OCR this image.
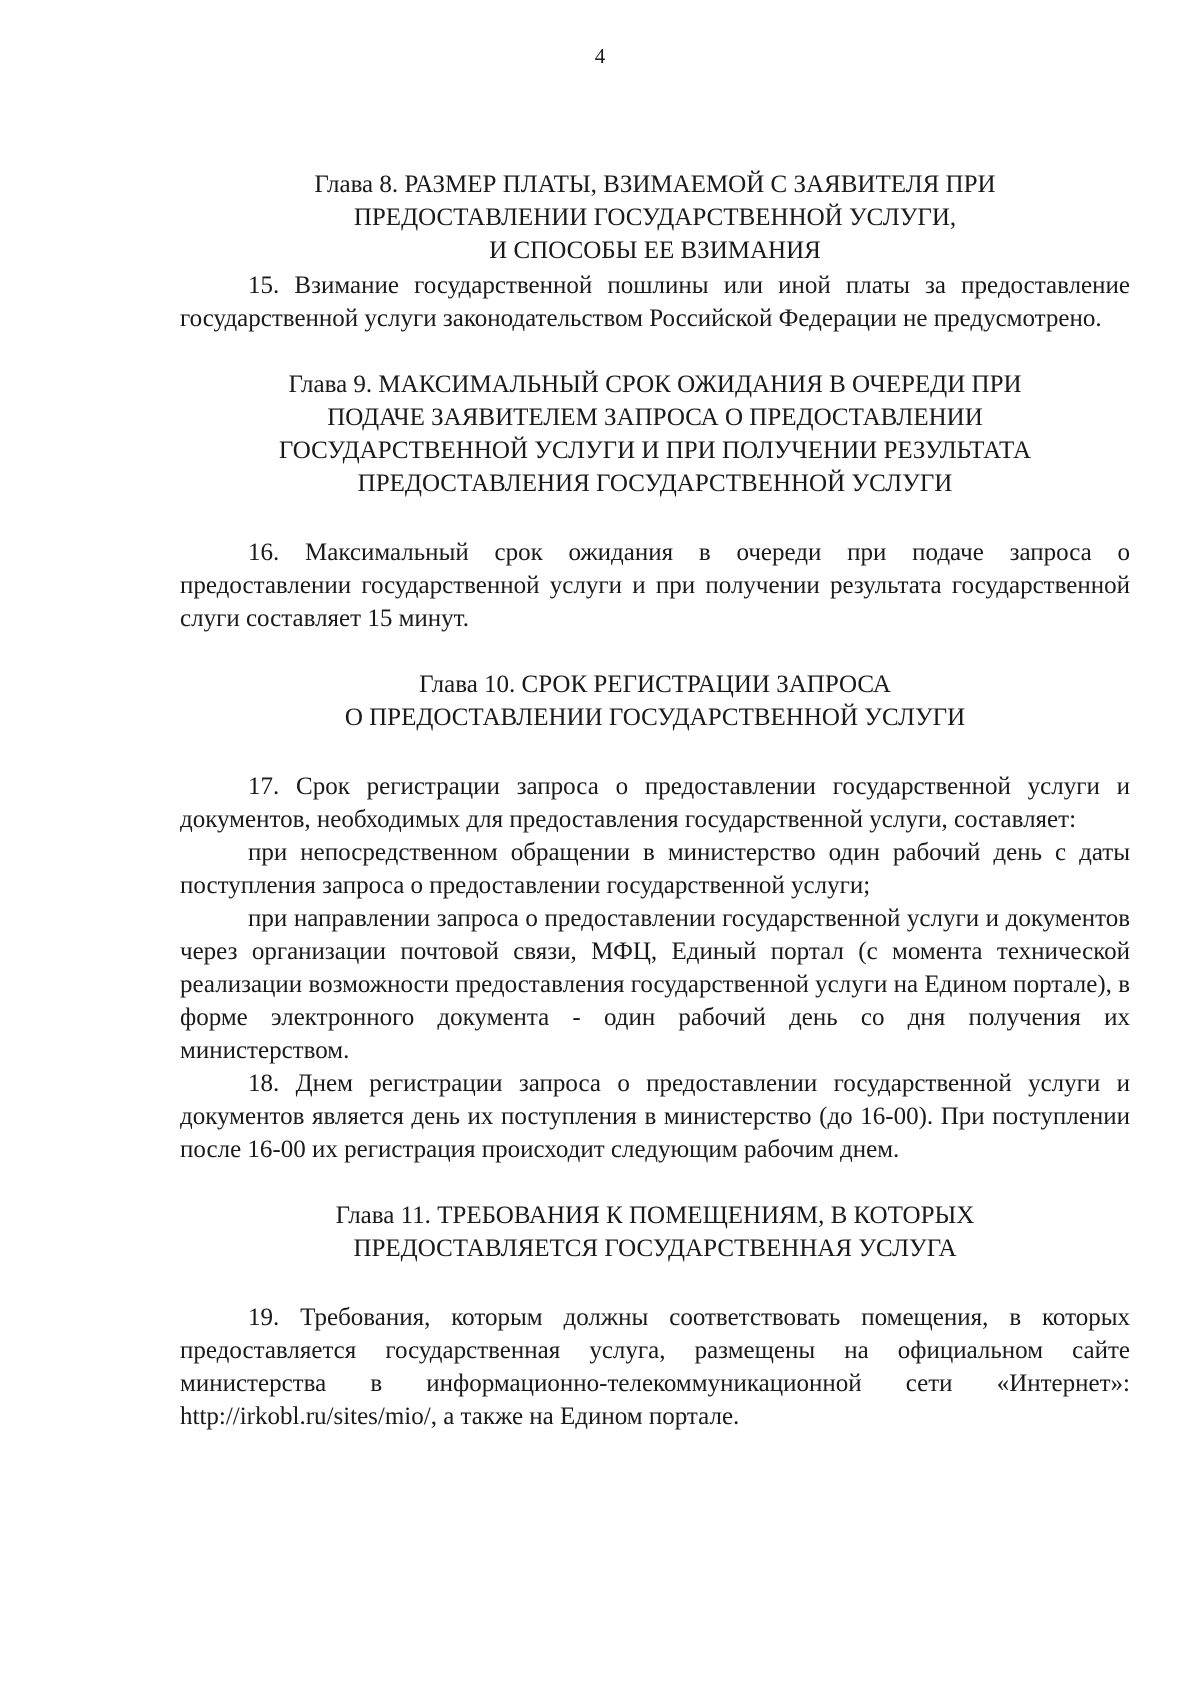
4
Глава 8. РАЗМЕР ПЛАТЫ, ВЗИМАЕМОЙ С ЗАЯВИТЕЛЯ ПРИ
ПРЕДОСТАВЛЕНИИ ГОСУДАРСТВЕННОЙ УСЛУГИ,
И СПОСОБЫ ЕЕ ВЗИМАНИЯ

15. Взимание государственной пошлины или иной платы за предоставление государственной услуги законодательством Российской Федерации не предусмотрено.

Глава 9. МАКСИМАЛЬНЫЙ СРОК ОЖИДАНИЯ В ОЧЕРЕДИ ПРИ
ПОДАЧЕ ЗАЯВИТЕЛЕМ ЗАПРОСА О ПРЕДОСТАВЛЕНИИ
ГОСУДАРСТВЕННОЙ УСЛУГИ И ПРИ ПОЛУЧЕНИИ РЕЗУЛЬТАТА
ПРЕДОСТАВЛЕНИЯ ГОСУДАРСТВЕННОЙ УСЛУГИ

16. Максимальный срок ожидания в очереди при подаче запроса о предоставлении государственной услуги и при получении результата государственной слуги составляет 15 минут.

Глава 10. СРОК РЕГИСТРАЦИИ ЗАПРОСА
О ПРЕДОСТАВЛЕНИИ ГОСУДАРСТВЕННОЙ УСЛУГИ

17. Срок регистрации запроса о предоставлении государственной услуги и документов, необходимых для предоставления государственной услуги, составляет:

при непосредственном обращении в министерство один рабочий день с даты поступления запроса о предоставлении государственной услуги;

при направлении запроса о предоставлении государственной услуги и документов через организации почтовой связи, МФЦ, Единый портал (с момента технической реализации возможности предоставления государственной услуги на Едином портале), в форме электронного документа - один рабочий день со дня получения их министерством.

18. Днем регистрации запроса о предоставлении государственной услуги и документов является день их поступления в министерство (до 16-00). При поступлении после 16-00 их регистрация происходит следующим рабочим днем.

Глава 11. ТРЕБОВАНИЯ К ПОМЕЩЕНИЯМ, В КОТОРЫХ
ПРЕДОСТАВЛЯЕТСЯ ГОСУДАРСТВЕННАЯ УСЛУГА

19. Требования, которым должны соответствовать помещения, в которых предоставляется государственная услуга, размещены на официальном сайте министерства в информационно-телекоммуникационной сети «Интернет»: http://irkobl.ru/sites/mio/, а также на Едином портале.
